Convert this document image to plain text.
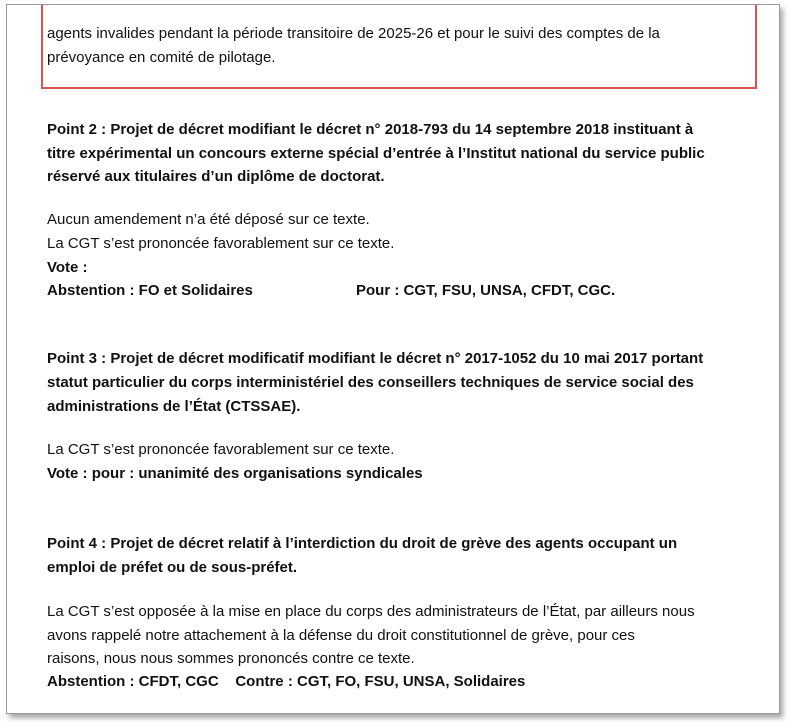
agents invalides pendant la période transitoire de 2025-26 et pour le suivi des comptes de la
prévoyance en comité de pilotage.
Point 2 : Projet de décret modifiant le décret n° 2018-793 du 14 septembre 2018 instituant à
titre expérimental un concours externe spécial d’entrée à l’Institut national du service public
réservé aux titulaires d’un diplôme de doctorat.
Aucun amendement n’a été déposé sur ce texte.
La CGT s’est prononcée favorablement sur ce texte.
Vote :
Abstention : FO et Solidaires	Pour : CGT, FSU, UNSA, CFDT, CGC.
Point 3 : Projet de décret modificatif modifiant le décret n° 2017-1052 du 10 mai 2017 portant
statut particulier du corps interministériel des conseillers techniques de service social des
administrations de l’État (CTSSAE).
La CGT s’est prononcée favorablement sur ce texte.
Vote : pour : unanimité des organisations syndicales
Point 4 : Projet de décret relatif à l’interdiction du droit de grève des agents occupant un
emploi de préfet ou de sous-préfet.
La CGT s’est opposée à la mise en place du corps des administrateurs de l’État, par ailleurs nous
avons rappelé notre attachement à la défense du droit constitutionnel de grève, pour ces
raisons, nous nous sommes prononcés contre ce texte.
Abstention : CFDT, CGC    Contre : CGT, FO, FSU, UNSA, Solidaires
